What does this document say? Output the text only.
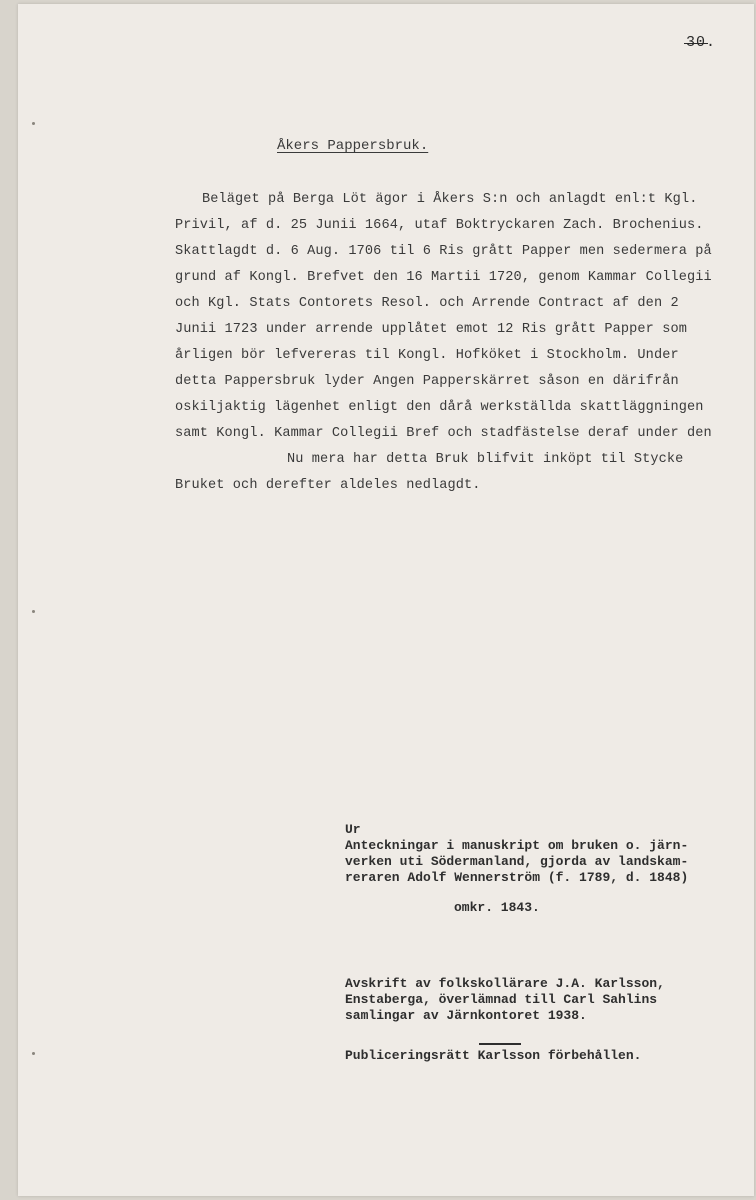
30.
Åkers Pappersbruk.
Beläget på Berga Löt ägor i Åkers S:n och anlagdt enl:t Kgl.
Privil, af d. 25 Junii 1664, utaf Boktryckaren Zach. Brochenius.
Skattlagdt d. 6 Aug. 1706 til 6 Ris grått Papper men sedermera på
grund af Kongl. Brefvet den 16 Martii 1720, genom Kammar Collegii
och Kgl. Stats Contorets Resol. och Arrende Contract af den 2
Junii 1723 under arrende upplåtet emot 12 Ris grått Papper som
årligen bör lefvereras til Kongl. Hofköket i Stockholm. Under
detta Pappersbruk lyder Angen Papperskärret såson en därifrån
oskiljaktig lägenhet enligt den dårå werkställda skattläggningen
samt Kongl. Kammar Collegii Bref och stadfästelse deraf under den
Nu mera har detta Bruk blifvit inköpt til Stycke
Bruket och derefter aldeles nedlagdt.
Ur
Anteckningar i manuskript om bruken o. järn-
verken uti Södermanland, gjorda av landskam-
reraren Adolf Wennerström (f. 1789, d. 1848)
omkr. 1843.
Avskrift av folkskollärare J.A. Karlsson,
Enstaberga, överlämnad till Carl Sahlins
samlingar av Järnkontoret 1938.
Publiceringsrätt Karlsson förbehållen.
